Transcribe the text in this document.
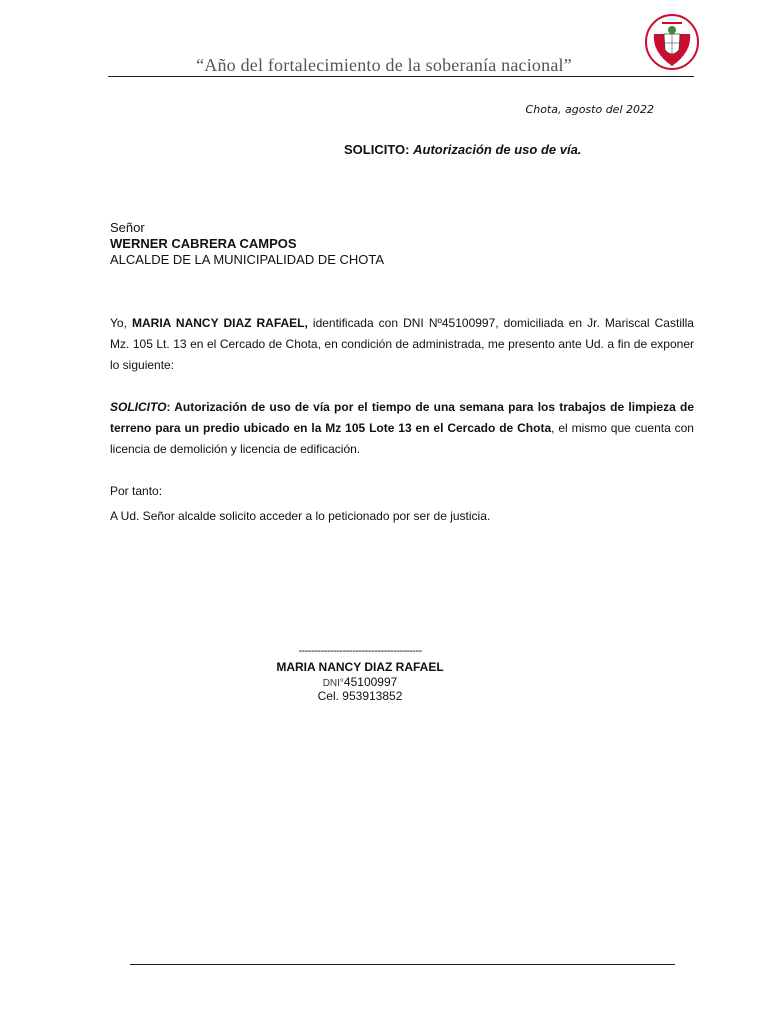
“Año del fortalecimiento de la soberanía nacional”
Chota, agosto del 2022
SOLICITO: Autorización de uso de vía.
Señor
WERNER CABRERA CAMPOS
ALCALDE DE LA MUNICIPALIDAD DE CHOTA
Yo, MARIA NANCY DIAZ RAFAEL, identificada con DNI Nº45100997, domiciliada en Jr. Mariscal Castilla Mz. 105 Lt. 13 en el Cercado de Chota, en condición de administrada, me presento ante Ud. a fin de exponer lo siguiente:
SOLICITO: Autorización de uso de vía por el tiempo de una semana para los trabajos de limpieza de terreno para un predio ubicado en la Mz 105 Lote 13 en el Cercado de Chota, el mismo que cuenta con licencia de demolición y licencia de edificación.
Por tanto:
A Ud. Señor alcalde solicito acceder a lo peticionado por ser de justicia.
---------------------------------------
MARIA NANCY DIAZ RAFAEL
DNI°45100997
Cel. 953913852
